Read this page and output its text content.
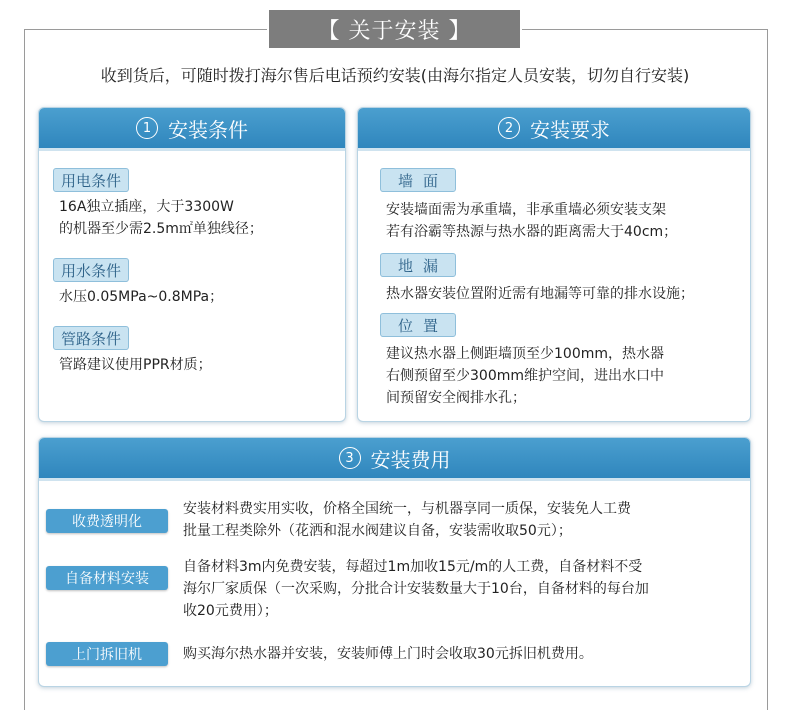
【 关于安装 】
收到货后，可随时拨打海尔售后电话预约安装(由海尔指定人员安装，切勿自行安装)
1 安装条件
用电条件
16A独立插座，大于3300W
的机器至少需2.5m㎡单独线径；
用水条件
水压0.05MPa~0.8MPa；
管路条件
管路建议使用PPR材质；
2 安装要求
墙面
安装墙面需为承重墙，非承重墙必须安装支架
若有浴霸等热源与热水器的距离需大于40cm；
地漏
热水器安装位置附近需有地漏等可靠的排水设施；
位置
建议热水器上侧距墙顶至少100mm，热水器
右侧预留至少300mm维护空间，进出水口中
间预留安全阀排水孔；
3 安装费用
收费透明化
安装材料费实用实收，价格全国统一，与机器享同一质保，安装免人工费
批量工程类除外（花洒和混水阀建议自备，安装需收取50元）；
自备材料安装
自备材料3m内免费安装，每超过1m加收15元/m的人工费，自备材料不受
海尔厂家质保（一次采购，分批合计安装数量大于10台，自备材料的每台加
收20元费用）；
上门拆旧机	购买海尔热水器并安装，安装师傅上门时会收取30元拆旧机费用。
